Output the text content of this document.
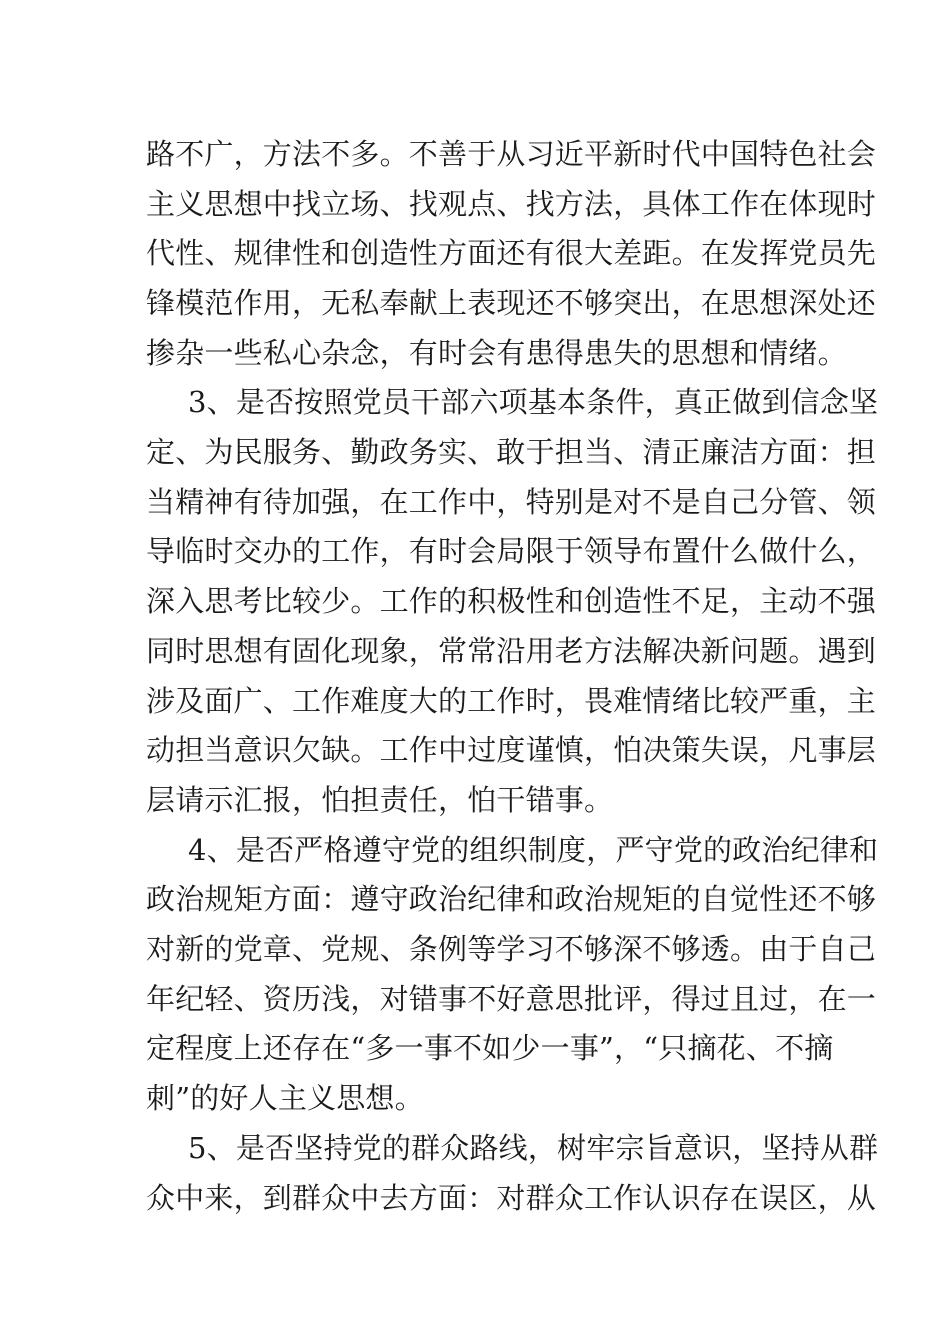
路不广，方法不多。不善于从习近平新时代中国特色社会
主义思想中找立场、找观点、找方法，具体工作在体现时
代性、规律性和创造性方面还有很大差距。在发挥党员先
锋模范作用，无私奉献上表现还不够突出，在思想深处还
掺杂一些私心杂念，有时会有患得患失的思想和情绪。
3、是否按照党员干部六项基本条件，真正做到信念坚
定、为民服务、勤政务实、敢于担当、清正廉洁方面：担
当精神有待加强，在工作中，特别是对不是自己分管、领
导临时交办的工作，有时会局限于领导布置什么做什么，
深入思考比较少。工作的积极性和创造性不足，主动不强
同时思想有固化现象，常常沿用老方法解决新问题。遇到
涉及面广、工作难度大的工作时，畏难情绪比较严重，主
动担当意识欠缺。工作中过度谨慎，怕决策失误，凡事层
层请示汇报，怕担责任，怕干错事。
4、是否严格遵守党的组织制度，严守党的政治纪律和
政治规矩方面：遵守政治纪律和政治规矩的自觉性还不够
对新的党章、党规、条例等学习不够深不够透。由于自己
年纪轻、资历浅，对错事不好意思批评，得过且过，在一
定程度上还存在“多一事不如少一事”，“只摘花、不摘
刺”的好人主义思想。
5、是否坚持党的群众路线，树牢宗旨意识，坚持从群
众中来，到群众中去方面：对群众工作认识存在误区，从
